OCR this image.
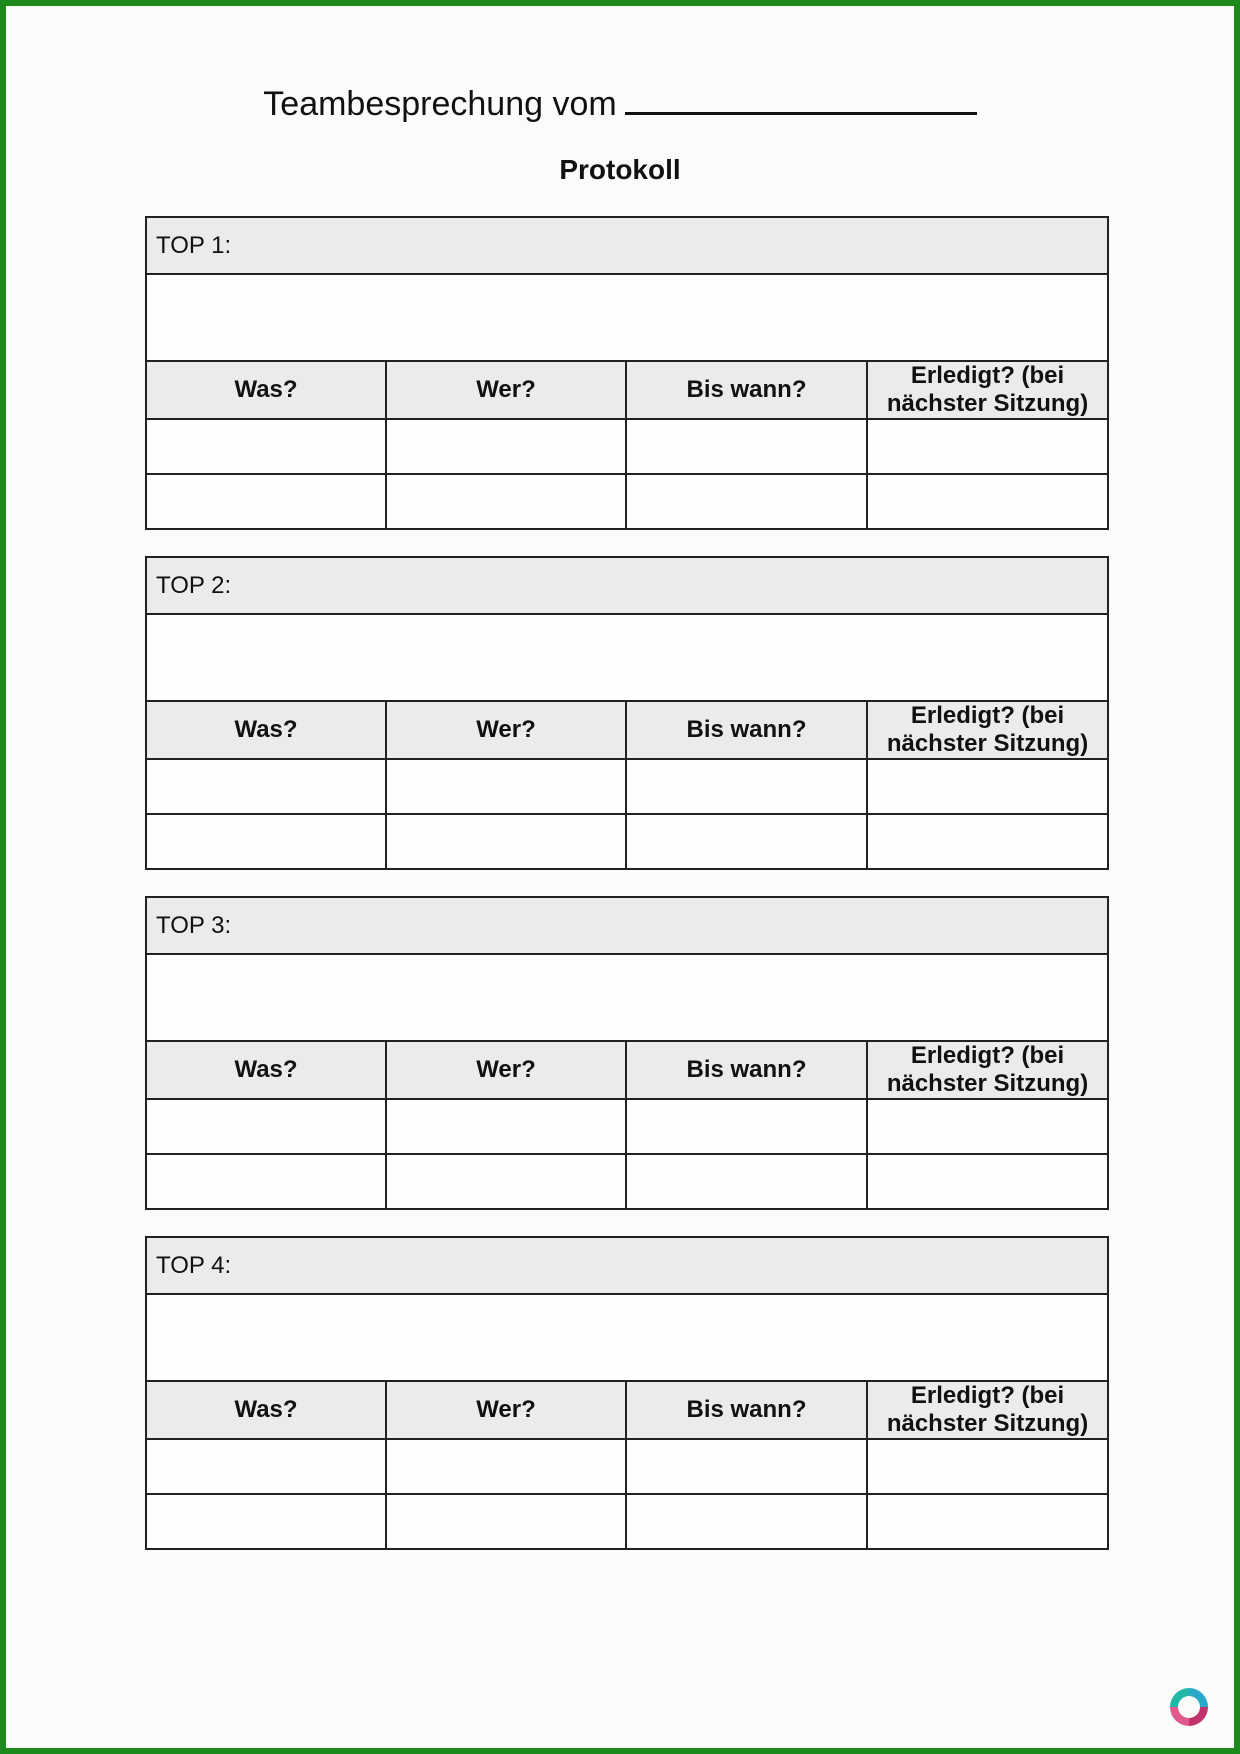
Teambesprechung vom
Protokoll
TOP 1:			

Was?	Wer?	Bis wann?	Erledigt? (bei nächster Sitzung)

TOP 2:			

Was?	Wer?	Bis wann?	Erledigt? (bei nächster Sitzung)

TOP 3:			

Was?	Wer?	Bis wann?	Erledigt? (bei nächster Sitzung)

TOP 4:			

Was?	Wer?	Bis wann?	Erledigt? (bei nächster Sitzung)
